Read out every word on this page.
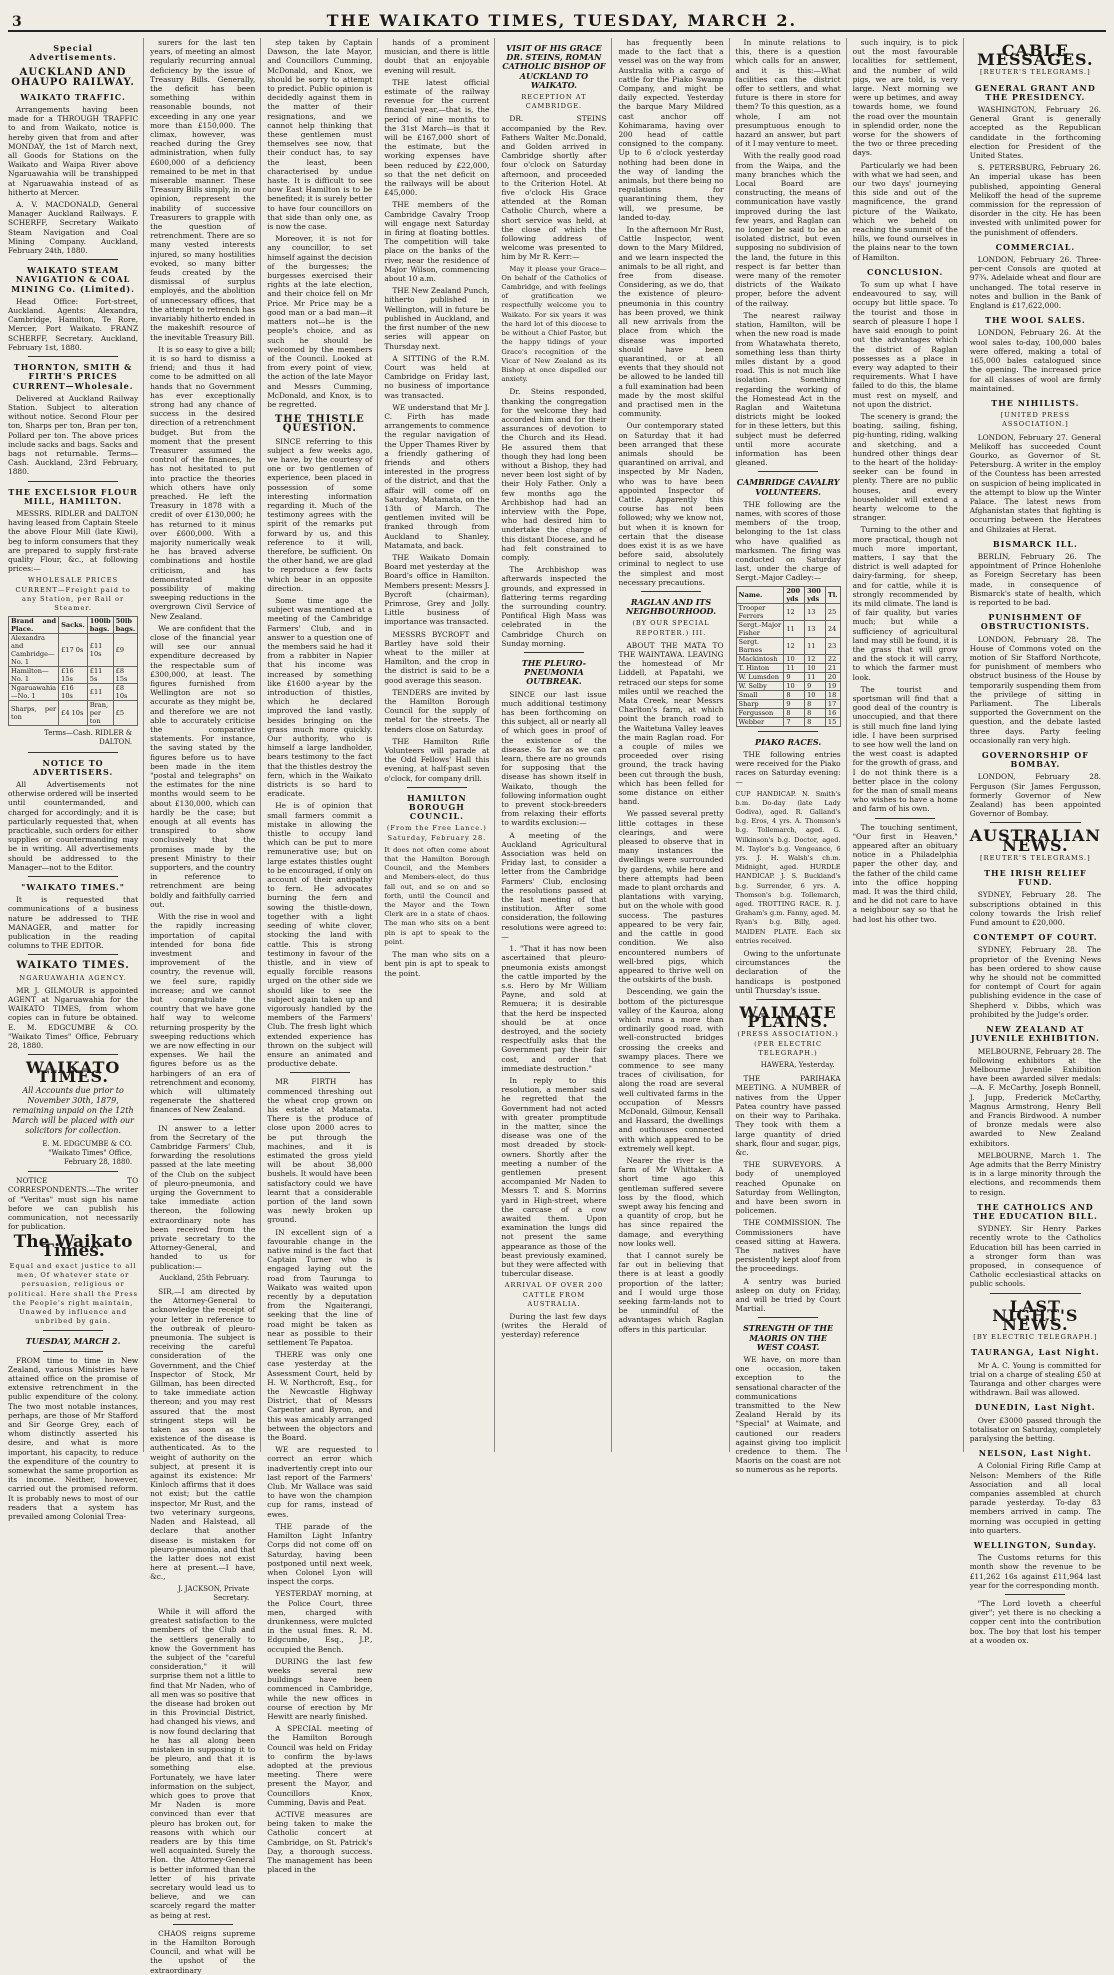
3	THE WAIKATO TIMES, TUESDAY, MARCH 2.
Special Advertisements.
AUCKLAND AND OHAUPO RAILWAY.
WAIKATO TRAFFIC.

Arrangements having been made for a THROUGH TRAFFIC to and from Waikato, notice is hereby given that from and after MONDAY, the 1st of March next, all Goods for Stations on the Waikato and Waipa River above Ngaruawahia will be transhipped at Ngaruawahia instead of as hitherto at Mercer.

A. V. MACDONALD, General Manager Auckland Railways. F. SCHERFF, Secretary Waikato Steam Navigation and Coal Mining Company. Auckland, February 24th, 1880.

WAIKATO STEAM NAVIGATION & COAL MINING Co. (Limited).

Head Office: Fort-street, Auckland. Agents: Alexandra, Cambridge, Hamilton, Te Rore, Mercer, Port Waikato. FRANZ SCHERFF, Secretary. Auckland, February 1st, 1880.

THORNTON, SMITH & FIRTH'S PRICES CURRENT—Wholesale.

Delivered at Auckland Railway Station. Subject to alteration without notice. Second Flour per ton, Sharps per ton, Bran per ton, Pollard per ton. The above prices include sacks and bags. Sacks and bags not returnable. Terms—Cash. Auckland, 23rd February, 1880.

THE EXCELSIOR FLOUR MILL, HAMILTON.

MESSRS. RIDLER and DALTON having leased from Captain Steele the above Flour Mill (late Kiwi), beg to inform consumers that they are prepared to supply first-rate quality Flour, &c., at following prices:—

WHOLESALE PRICES CURRENT—Freight paid to any Station, per Rail or Steamer.
Brand and Place.	Sacks.	100lb bags.	50lb bags.
Alexandra and Cambridge—No. 1	£17 0s	£11 10s	£9
Hamilton—No. 1	£16 15s	£11 5s	£8 15s
Ngaruawahia—No. 1	£16 10s	£11	£8 10s
Sharps, per ton	£4 10s	Bran, per ton	£5
Terms—Cash. RIDLER & DALTON.
NOTICE TO ADVERTISERS.

All Advertisements not otherwise ordered will be inserted until countermanded, and charged for accordingly; and it is particularly requested that, when practicable, such orders for either supplies or countermanding may be in writing. All advertisements should be addressed to the Manager—not to the Editor.

"WAIKATO TIMES."

It is requested that communications of a business nature be addressed to THE MANAGER, and matter for publication in the reading columns to THE EDITOR.

WAIKATO TIMES.
NGARUAWAHIA AGENCY.

MR J. GILMOUR is appointed AGENT at Ngaruawahia for the WAIKATO TIMES, from whom copies can in future be obtained. E. M. EDGCUMBE & CO. "Waikato Times" Office, February 28, 1880.

WAIKATO TIMES.
All Accounts due prior to November 30th, 1879, remaining unpaid on the 12th March will be placed with our solicitors for collection.
E. M. EDGCUMBE & CO. "Waikato Times" Office, February 28, 1880.

NOTICE TO CORRESPONDENTS.—The writer of "Veritas" must sign his name before we can publish his communication, not necessarily for publication.

The Waikato Times.
Equal and exact justice to all men, Of whatever state or persuasion, religious or political. Here shall the Press the People's right maintain, Unawed by influence and unbribed by gain.
TUESDAY, MARCH 2.

FROM time to time in New Zealand, various Ministries have attained office on the promise of extensive retrenchment in the public expenditure of the colony. The two most notable instances, perhaps, are those of Mr Stafford and Sir George Grey, each of whom distinctly asserted his desire, and what is more important, his capacity, to reduce the expenditure of the country to somewhat the same proportion as its income. Neither, however, carried out the promised reform. It is probably news to most of our readers that a system has prevailed among Colonial Trea-

surers for the last ten years, of meeting an almost regularly recurring annual deficiency by the issue of Treasury Bills. Generally, the deficit has been something within reasonable bounds, not exceeding in any one year more than £150,000. The climax, however, was reached during the Grey administration, when fully £600,000 of a deficiency remained to be met in that miserable manner. These Treasury Bills simply, in our opinion, represent the inability of successive Treasurers to grapple with the question of retrenchment. There are so many vested interests injured, so many hostilities evoked, so many bitter feuds created by the dismissal of surplus employés, and the abolition of unnecessary offices, that the attempt to retrench has invariably hitherto ended in the makeshift resource of the inevitable Treasury Bill.

It is so easy to give a bill; it is so hard to dismiss a friend; and thus it had come to be admitted on all hands that no Government has ever exceptionally strong had any chance of success in the desired direction of a retrenchment budget. But from the moment that the present Treasurer assumed the control of the finances, he has not hesitated to put into practice the theories which others have only preached. He left the Treasury in 1878 with a credit of over £130,000; he has returned to it minus over £600,000. With a majority numerically weak he has braved adverse combinations and hostile criticism, and has demonstrated the possibility of making sweeping reductions in the overgrown Civil Service of New Zealand.

We are confident that the close of the financial year will see our annual expenditure decreased by the respectable sum of £300,000, at least. The figures furnished from Wellington are not so accurate as they might be, and therefore we are not able to accurately criticise the comparative statements. For instance, the saving stated by the figures before us to have been made in the item "postal and telegraphs" on the estimates for the nine months would seem to be about £130,000, which can hardly be the case; but enough at all events has transpired to show conclusively that the promises made by the present Ministry to their supporters, and the country in reference to retrenchment are being boldly and faithfully carried out.

With the rise in wool and the rapidly increasing importation of capital intended for bona fide investment and improvement of the country, the revenue will, we feel sure, rapidly increase; and we cannot but congratulate the country that we have gone half way to welcome returning prosperity by the sweeping reductions which we are now effecting in our expenses. We hail the figures before us as the harbingers of an era of retrenchment and economy, which will ultimately regenerate the shattered finances of New Zealand.

IN answer to a letter from the Secretary of the Cambridge Farmers' Club, forwarding the resolutions passed at the late meeting of the Club on the subject of pleuro-pneumonia, and urging the Government to take immediate action thereon, the following extraordinary note has been received from the private secretary to the Attorney-General, and handed to us for publication:—

Auckland, 25th February.

SIR,—I am directed by the Attorney-General to acknowledge the receipt of your letter in reference to the outbreak of pleuro-pneumonia. The subject is receiving the careful consideration of the Government, and the Chief Inspector of Stock, Mr Gillman, has been directed to take immediate action thereon; and you may rest assured that the most stringent steps will be taken as soon as the existence of the disease is authenticated. As to the weight of authority on the subject, at present it is against its existence: Mr Kinloch affirms that it does not exist; but the cattle inspector, Mr Rust, and the two veterinary surgeons, Naden and Halstead, all declare that another disease is mistaken for pleuro-pneumonia, and that the latter does not exist here at present.—I have, &c.,

J. JACKSON, Private Secretary.

While it will afford the greatest satisfaction to the members of the Club and the settlers generally to know the Government has the subject of the "careful consideration," it will surprise them not a little to find that Mr Naden, who of all men was so positive that the disease had broken out in this Provincial District, had changed his views, and is now found declaring that he has all along been mistaken in supposing it to be pleuro, and that it is something else. Fortunately, we have later information on the subject, which goes to prove that Mr Naden is more convinced than ever that pleuro has broken out, for reasons with which our readers are by this time well acquainted. Surely the Hon. the Attorney-General is better informed than the letter of his private secretary would lead us to believe, and we can scarcely regard the matter as being at rest.

CHAOS reigns supreme in the Hamilton Borough Council, and what will be the upshot of the extraordinary

step taken by Captain Dawson, the late Mayor, and Councillors Cumming, McDonald, and Knox, we should be sorry to attempt to predict. Public opinion is decidedly against them in the matter of their resignations, and we cannot help thinking that these gentlemen must themselves see now, that their conduct has, to say the least, been characterised by undue haste. It is difficult to see how East Hamilton is to be benefited; it is surely better to have four councillors on that side than only one, as is now the case.

Moreover, it is not for any councillor, to set himself against the decision of the burgesses; the burgesses exercised their rights at the late election, and their choice fell on Mr Price. Mr Price may be a good man or a bad man—it matters not—he is the people's choice, and as such he should be welcomed by the members of the Council. Looked at from every point of view, the action of the late Mayor and Messrs Cumming, McDonald, and Knox, is to be regretted.

THE THISTLE QUESTION.

SINCE referring to this subject a few weeks ago, we have, by the courtesy of one or two gentlemen of experience, been placed in possession of some interesting information regarding it. Much of the testimony agrees with the spirit of the remarks put forward by us, and this reference to it will, therefore, be sufficient. On the other hand, we are glad to reproduce a few facts which bear in an opposite direction.

Some time ago the subject was mentioned at a meeting of the Cambridge Farmers' Club, and in answer to a question one of the members said he had it from a rabbiter in Napier that his income was increased by something like £1600 a-year by the introduction of thistles, which he declared improved the land vastly, besides bringing on the grass much more quickly. Our authority, who is himself a large landholder, bears testimony to the fact that the thistles destroy the fern, which in the Waikato districts is so hard to eradicate.

He is of opinion that small farmers commit a mistake in allowing the thistle to occupy land which can be put to more remunerative use; but on large estates thistles ought to be encouraged, if only on account of their antipathy to fern. He advocates burning the fern and sowing the thistle-down, together with a light seeding of white clover, stocking the land with cattle. This is strong testimony in favour of the thistle, and in view of equally forcible reasons urged on the other side we should like to see the subject again taken up and vigorously handled by the members of the Farmers' Club. The fresh light which extended experience has thrown on the subject will ensure an animated and productive debate.

MR FIRTH has commenced threshing out the wheat crop grown on his estate at Matamata. There is the produce of close upon 2000 acres to be put through the machines, and it is estimated the gross yield will be about 38,000 bushels. It would have been satisfactory could we have learnt that a considerable portion of the land sown was newly broken up ground.

IN excellent sign of a favourable change in the native mind is the fact that Captain Turner who is engaged laying out the road from Taurunga to Waikato was waited upon recently by a deputation from the Ngaiterangi, seeking that the line of road might be taken as near as possible to their settlement Te Papatoa.

THERE was only one case yesterday at the Assessment Court, held by H. W. Northcroft, Esq., for the Newcastle Highway District, that of Messrs Carpenter and Byron, and this was amicably arranged between the objectors and the Board.

WE are requested to correct an error which inadvertently crept into our last report of the Farmers' Club. Mr Wallace was said to have won the champion cup for rams, instead of ewes.

THE parade of the Hamilton Light Infantry Corps did not come off on Saturday, having been postponed until next week, when Colonel Lyon will inspect the corps.

YESTERDAY morning, at the Police Court, three men, charged with drunkenness, were mulcted in the usual fines. R. M. Edgcumbe, Esq., J.P., occupied the Bench.

DURING the last few weeks several new buildings have been commenced in Cambridge, while the new offices in course of erection by Mr Hewitt are nearly finished.

A SPECIAL meeting of the Hamilton Borough Council was held on Friday to confirm the by-laws adopted at the previous meeting. There were present the Mayor, and Councillors Knox, Cumming, Davis and Peat.

ACTIVE measures are being taken to make the Catholic concert at Cambridge, on St. Patrick's Day, a thorough success. The management has been placed in the

hands of a prominent musician, and there is little doubt that an enjoyable evening will result.

THE latest official estimate of the railway revenue for the current financial year,—that is, the period of nine months to the 31st March—is that it will be £167,000 short of the estimate, but the working expenses have been reduced by £22,000, so that the net deficit on the railways will be about £45,000.

THE members of the Cambridge Cavalry Troop will engage next Saturday in firing at floating bottles. The competition will take place on the banks of the river, near the residence of Major Wilson, commencing about 10 a.m.

THE New Zealand Punch, hitherto published in Wellington, will in future be published in Auckland, and the first number of the new series will appear on Thursday next.

A SITTING of the R.M. Court was held at Cambridge on Friday last, no business of importance was transacted.

WE understand that Mr J. C. Firth has made arrangements to commence the regular navigation of the Upper Thames River by a friendly gathering of friends and others interested in the progress of the district, and that the affair will come off on Saturday, Matamata, on the 13th of March. The gentlemen invited will be franked through from Auckland to Shanley, Matamata, and back.

THE Waikato Domain Board met yesterday at the Board's office in Hamilton. Members present: Messrs J. Bycroft (chairman), Primrose, Grey and Jolly. Little business of importance was transacted.

MESSRS BYCROFT and Bartley have sold their wheat to the miller at Hamilton, and the crop in the district is said to be a good average this season.

TENDERS are invited by the Hamilton Borough Council for the supply of metal for the streets. The tenders close on Saturday.

THE Hamilton Rifle Volunteers will parade at the Odd Fellows' Hall this evening, at half-past seven o'clock, for company drill.

HAMILTON BOROUGH COUNCIL.
(From the Free Lance.) Saturday, February 28.

It does not often come about that the Hamilton Borough Council, and the Members and Members-elect, do thus fall out, and so on and so forth, until the Council and the Mayor and the Town Clerk are in a state of chaos. The man who sits on a bent pin is apt to speak to the point.

The man who sits on a bent pin is apt to speak to the point.

VISIT OF HIS GRACE DR. STEINS, ROMAN CATHOLIC BISHOP OF AUCKLAND TO WAIKATO.
RECEPTION AT CAMBRIDGE.

DR. STEINS accompanied by the Rev. Fathers Walter Mc.Donald, and Golden arrived in Cambridge shortly after four o'clock on Saturday afternoon, and proceeded to the Criterion Hotel. At five o'clock His Grace attended at the Roman Catholic Church, where a short service was held, at the close of which the following address of welcome was presented to him by Mr R. Kerr:—

May it please your Grace—On behalf of the Catholics of Cambridge, and with feelings of gratification we respectfully welcome you to Waikato. For six years it was the hard lot of this diocese to be without a Chief Pastor, but the happy tidings of your Grace's recognition of the Vicar of New Zealand as its Bishop at once dispelled our anxiety.

Dr. Steins responded, thanking the congregation for the welcome they had accorded him and for their assurances of devotion to the Church and its Head. He assured them that though they had long been without a Bishop, they had never been lost sight of by their Holy Father. Only a few months ago the Archbishop had had an interview with the Pope, who had desired him to undertake the charge of this distant Diocese, and he had felt constrained to comply.

The Archbishop was afterwards inspected the grounds, and expressed in flattering terms regarding the surrounding country. Pontifical High Mass was celebrated in the Cambridge Church on Sunday morning.

THE PLEURO-PNEUMONIA OUTBREAK.

SINCE our last issue much additional testimony has been forthcoming on this subject, all or nearly all of which goes in proof of the existence of the disease. So far as we can learn, there are no grounds for supposing that the disease has shown itself in Waikato, though the following information ought to prevent stock-breeders from relaxing their efforts to wardits exclusion:—

A meeting of the Auckland Agricultural Association was held on Friday last, to consider a letter from the Cambridge Farmers' Club, enclosing the resolutions passed at the last meeting of that institution. After some consideration, the following resolutions were agreed to:—

1. "That it has now been ascertained that pleuro-pneumonia exists amongst the cattle imported by the s.s. Hero by Mr William Payne, and sold at Remuera; it is desirable that the herd be inspected should be at once destroyed, and the society respectfully asks that the Government pay their fair cost, and order that immediate destruction."

In reply to this resolution, a member said he regretted that the Government had not acted with greater promptitude in the matter, since the disease was one of the most dreaded by stock-owners. Shortly after the meeting a number of the gentlemen present accompanied Mr Naden to Messrs T. and S. Morrins yard in High-street, where the carcase of a cow awaited them. Upon examination the lungs did not present the same appearance as those of the beast previously examined, but they were affected with tubercular disease.

ARRIVAL OF OVER 200 CATTLE FROM AUSTRALIA.

During the last few days (writes the Herald of yesterday) reference

has frequently been made to the fact that a vessel was on the way from Australia with a cargo of cattle for the Piako Swamp Company, and might be daily expected. Yesterday the barque Mary Mildred cast anchor off Kohimarama, having over 200 head of cattle consigned to the company. Up to 6 o'clock yesterday nothing had been done in the way of landing the animals, but there being no regulations for quarantining them, they will, we presume, be landed to-day.

In the afternoon Mr Rust, Cattle Inspector, went down to the Mary Mildred, and we learn inspected the animals to be all right, and free from disease. Considering, as we do, that the existence of pleuro-pneumonia in this country has been proved, we think all new arrivals from the place from which the disease was imported should have been quarantined, or at all events that they should not be allowed to be landed till a full examination had been made by the most skilful and practised men in the community.

Our contemporary stated on Saturday that it had been arranged that these animals should be quarantined on arrival, and inspected by Mr Naden, who was to have been appointed Inspector of Cattle. Apparently this course has not been followed; why we know not, but when it is known for certain that the disease does exist it is as we have before said, absolutely criminal to neglect to use the simplest and most necessary precautions.

RAGLAN AND ITS NEIGHBOURHOOD.
(BY OUR SPECIAL REPORTER.) III.

ABOUT THE MATA TO THE WAINTAWA. LEAVING the homestead of Mr Liddell, at Papatahi, we retraced our steps for some miles until we reached the Mata Creek, near Messrs Charlton's farm, at which point the branch road to the Waitetuna Valley leaves the main Raglan road. For a couple of miles we proceeded over rising ground, the track having been cut through the bush, which has been felled for some distance on either hand.

We passed several pretty little cottages in these clearings, and were pleased to observe that in many instances the dwellings were surrounded by gardens, while here and there attempts had been made to plant orchards and plantations with varying, but on the whole with good success. The pastures appeared to be very fair, and the cattle in good condition. We also encountered numbers of well-bred pigs, which appeared to thrive well on the outskirts of the bush.

Descending, we gain the bottom of the picturesque valley of the Kauroa, along which runs a more than ordinarily good road, with well-constructed bridges crossing the creeks and swampy places. There we commence to see many traces of civilisation, for along the road are several well cultivated farms in the occupation of Messrs McDonald, Gilmour, Kensall and Hassard, the dwellings and outhouses connected with which appeared to be extremely well kept.

Nearer the river is the farm of Mr Whittaker. A short time ago this gentleman suffered severe loss by the flood, which swept away his fencing and a quantity of crop, but he has since repaired the damage, and everything now looks well.

that I cannot surely be far out in believing that there is at least a goodly proportion of the latter; and I would urge those seeking farm-lands not to be unmindful of the advantages which Raglan offers in this particular.

In minute relations to this, there is a question which calls for an answer, and it is this:—What facilities can the district offer to settlers, and what future is there in store for them? To this question, as a whole, I am not presumptuous enough to hazard an answer, but part of it I may venture to meet.

With the really good road from the Waipa, and the many branches which the Local Board are constructing, the means of communication have vastly improved during the last few years, and Raglan can no longer be said to be an isolated district, but even supposing no subdivision of the land, the future in this respect is far better than were many of the remoter districts of the Waikato proper, before the advent of the railway.

The nearest railway station, Hamilton, will be when the new road is made from Whatawhata thereto, something less than thirty miles distant by a good road. This is not much like isolation. Something regarding the working of the Homestead Act in the Raglan and Waitetuna districts might be looked for in these letters, but this subject must be deferred until more accurate information has been gleaned.

CAMBRIDGE CAVALRY VOLUNTEERS.

THE following are the names, with scores of those members of the troop, belonging to the 1st class who have qualified as marksmen. The firing was conducted on Saturday last, under the charge of Sergt.-Major Cadley:—

Name.	200 yds	300 yds	Tl.
Trooper Ferrers	12	13	25
Sergt.-Major Fisher	11	13	24
Sergt. Barnes	12	11	23
Mackintosh	10	12	22
T. Hinton	11	10	21
W. Lumsden	9	11	20
W. Selby	10	9	19
Small	8	10	18
Sharp	9	8	17
Fergusson	8	8	16
Webber	7	8	15
PIAKO RACES.

THE following entries were received for the Piako races on Saturday evening:—

CUP HANDICAP. N. Smith's b.m. Do-day (late Lady Godiva), aged. R. Galland's b.g. Eros, 4 yrs. A. Thomson's b.g. Tollemarch, aged. G. Wilkinson's b.g. Doctor, aged. M. Taylor's b.g. Vengeance, 6 yrs. J. H. Walsh's ch.m. Midnight, aged. HURDLE HANDICAP. J. S. Buckland's b.g. Surrender, 6 yrs. A. Thomson's b.g. Tollemarch, aged. TROTTING RACE. R. J. Graham's g.m. Fanny, aged. M. Ryan's b.g. Billy, aged. MAIDEN PLATE. Each six entries received.

Owing to the unfortunate circumstances the declaration of the handicaps is postponed until Thursday's issue.

WAIMATE PLAINS.
(PRESS ASSOCIATION.) (PER ELECTRIC TELEGRAPH.)
HAWERA, Yesterday.

THE PARIHAKA MEETING. A NUMBER of natives from the Upper Patea country have passed on their way to Parihaka. They took with them a large quantity of dried shark, flour and sugar, pigs, &c.

THE SURVEYORS. A body of unemployed reached Opunake on Saturday from Wellington, and have been sworn in policemen.

THE COMMISSION. The Commissioners have ceased sitting at Hawera. The natives have persistently kept aloof from the proceedings.

A sentry was buried asleep on duty on Friday, and will be tried by Court Martial.

STRENGTH OF THE MAORIS ON THE WEST COAST.

WE have, on more than one occasion, taken exception to the sensational character of the communications transmitted to the New Zealand Herald by its "Special" at Waimate, and cautioned our readers against giving too implicit credence to them. The Maoris on the coast are not so numerous as he reports.

such inquiry, is to pick out the most favourable localities for settlement, and the number of wild pigs, we are told, is very large. Next morning we were up betimes, and away towards home, we found the road over the mountain in splendid order, none the worse for the showers of the two or three preceding days.

Particularly we had been with what we had seen, and our two days' journeying this side and out of the magnificence, the grand picture of the Waikato, which we beheld on reaching the summit of the hills, we found ourselves in the plains near to the town of Hamilton.

CONCLUSION.

To sum up what I have endeavoured to say, will occupy but little space. To the tourist and those in search of pleasure I hope I have said enough to point out the advantages which the district of Raglan possesses as a place in every way adapted to their requirements. What I have failed to do this, the blame must rest on myself, and not upon the district.

The scenery is grand; the boating, sailing, fishing, pig-hunting, riding, walking and sketching, and a hundred other things dear to the heart of the holiday-seeker can be found in plenty. There are no public houses, and every householder will extend a hearty welcome to the stranger.

Turning to the other and more practical, though not much more important, matters, I say that the district is well adapted for dairy-farming, for sheep, and for cattle, while it is strongly recommended by its mild climate. The land is of fair quality, but varies much; but while a sufficiency of agricultural land may still be found, it is the grass that will grow and the stock it will carry, to which the farmer must look.

The tourist and sportsman will find that a good deal of the country is unoccupied, and that there is still much fine land lying idle. I have been surprised to see how well the land on the west coast is adapted for the growth of grass, and I do not think there is a better place in the colony for the man of small means who wishes to have a home and farm of his own.

The touching sentiment, "Our first in Heaven," appeared after an obituary notice in a Philadelphia paper the other day, and the father of the child came into the office hopping mad. It was the third child, and he did not care to have a neighbour say so that he had lost his other two.

CABLE MESSAGES.
[REUTER'S TELEGRAMS.]
GENERAL GRANT AND THE PRESIDENCY.

WASHINGTON, February 26. General Grant is generally accepted as the Republican candidate in the forthcoming election for President of the United States.

S. PETERSBURG, February 26. An imperial ukase has been published, appointing General Melikoff the head of the supreme commission for the repression of disorder in the city. He has been invested with unlimited power for the punishment of offenders.

COMMERCIAL.

LONDON, February 26. Three-per-cent Consols are quoted at 97¾. Adelaide wheat and flour are unchanged. The total reserve in notes and bullion in the Bank of England is £17,622,000.

THE WOOL SALES.

LONDON, February 26. At the wool sales to-day, 100,000 bales were offered, making a total of 165,000 bales catalogued since the opening. The increased price for all classes of wool are firmly maintained.

THE NIHILISTS.
[UNITED PRESS ASSOCIATION.]

LONDON, February 27. General Melikoff has succeeded Count Gourko, as Governor of St. Petersburg. A writer in the employ of the Countess has been arrested on suspicion of being implicated in the attempt to blow up the Winter Palace. The latest news from Afghanistan states that fighting is occurring between the Heratees and Ghilzaies at Herat.

BISMARCK ILL.

BERLIN, February 26. The appointment of Prince Hohenlohe as Foreign Secretary has been made, in consequence of Bismarck's state of health, which is reported to be bad.

PUNISHMENT OF OBSTRUCTIONISTS.

LONDON, February 28. The House of Commons voted on the motion of Sir Stafford Northcote, for punishment of members who obstruct business of the House by temporarily suspending them from the privilege of sitting in Parliament. The Liberals supported the Government on the question, and the debate lasted three days. Party feeling occasionally ran very high.

GOVERNORSHIP OF BOMBAY.

LONDON, February 28. Ferguson (Sir James Fergusson, formerly Governor of New Zealand) has been appointed Governor of Bombay.

AUSTRALIAN NEWS.
[REUTER'S TELEGRAMS.]
THE IRISH RELIEF FUND.

SYDNEY, February 28. The subscriptions obtained in this colony towards the Irish relief Fund amount to £20,000.

CONTEMPT OF COURT.

SYDNEY, February 28. The proprietor of the Evening News has been ordered to show cause why he should not be committed for contempt of Court for again publishing evidence in the case of Shepherd v. Dibbs, which was prohibited by the Judge's order.

NEW ZEALAND AT JUVENILE EXHIBITION.

MELBOURNE, February 28. The following exhibitors at the Melbourne Juvenile Exhibition have been awarded silver medals:—A. F. McCarthy, Joseph Bonnell, J. Jupp, Frederick McCarthy, Magnus Armstrong, Henry Bell and Francis Birdwood. A number of bronze medals were also awarded to New Zealand exhibitors.

MELBOURNE, March 1. The Age admits that the Berry Ministry is in a large minority through the elections, and recommends them to resign.

THE CATHOLICS AND THE EDUCATION BILL.

SYDNEY. Sir Henry Parkes recently wrote to the Catholics Education bill has been carried in a stronger form than was proposed, in consequence of Catholic ecclesiastical attacks on public schools.

LAST NIGHT'S NEWS.
[BY ELECTRIC TELEGRAPH.]
TAURANGA, Last Night.

Mr A. C. Young is committed for trial on a charge of stealing £50 at Tauranga and other charges were withdrawn. Bail was allowed.

DUNEDIN, Last Night.

Over £3000 passed through the totalisator on Saturday, completely paralysing the betting.

NELSON, Last Night.

A Colonial Firing Rifle Camp at Nelson: Members of the Rifle Association and all local companies assembled at church parade yesterday. To-day 83 members arrived in camp. The morning was occupied in getting into quarters.

WELLINGTON, Sunday.

The Customs returns for this month show the revenue to be £11,262 16s against £11,964 last year for the corresponding month.

"The Lord loveth a cheerful giver"; yet there is no checking a copper cent into the contribution box. The boy that lost his temper at a wooden ox.
